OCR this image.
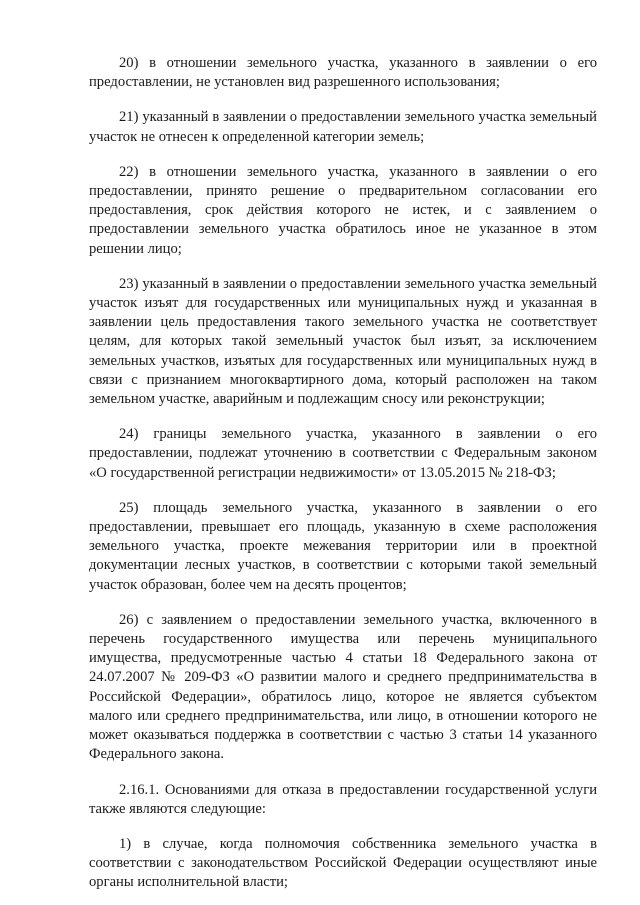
20) в отношении земельного участка, указанного в заявлении о его предоставлении, не установлен вид разрешенного использования;

21) указанный в заявлении о предоставлении земельного участка земельный участок не отнесен к определенной категории земель;

22) в отношении земельного участка, указанного в заявлении о его предоставлении, принято решение о предварительном согласовании его предоставления, срок действия которого не истек, и с заявлением о предоставлении земельного участка обратилось иное не указанное в этом решении лицо;

23) указанный в заявлении о предоставлении земельного участка земельный участок изъят для государственных или муниципальных нужд и указанная в заявлении цель предоставления такого земельного участка не соответствует целям, для которых такой земельный участок был изъят, за исключением земельных участков, изъятых для государственных или муниципальных нужд в связи с признанием многоквартирного дома, который расположен на таком земельном участке, аварийным и подлежащим сносу или реконструкции;

24) границы земельного участка, указанного в заявлении о его предоставлении, подлежат уточнению в соответствии с Федеральным законом «О государственной регистрации недвижимости» от 13.05.2015 № 218-ФЗ;

25) площадь земельного участка, указанного в заявлении о его предоставлении, превышает его площадь, указанную в схеме расположения земельного участка, проекте межевания территории или в проектной документации лесных участков, в соответствии с которыми такой земельный участок образован, более чем на десять процентов;

26) с заявлением о предоставлении земельного участка, включенного в перечень государственного имущества или перечень муниципального имущества, предусмотренные частью 4 статьи 18 Федерального закона от 24.07.2007 № 209-ФЗ «О развитии малого и среднего предпринимательства в Российской Федерации», обратилось лицо, которое не является субъектом малого или среднего предпринимательства, или лицо, в отношении которого не может оказываться поддержка в соответствии с частью 3 статьи 14 указанного Федерального закона.

2.16.1. Основаниями для отказа в предоставлении государственной услуги также являются следующие:

1) в случае, когда полномочия собственника земельного участка в соответствии с законодательством Российской Федерации осуществляют иные органы исполнительной власти;
